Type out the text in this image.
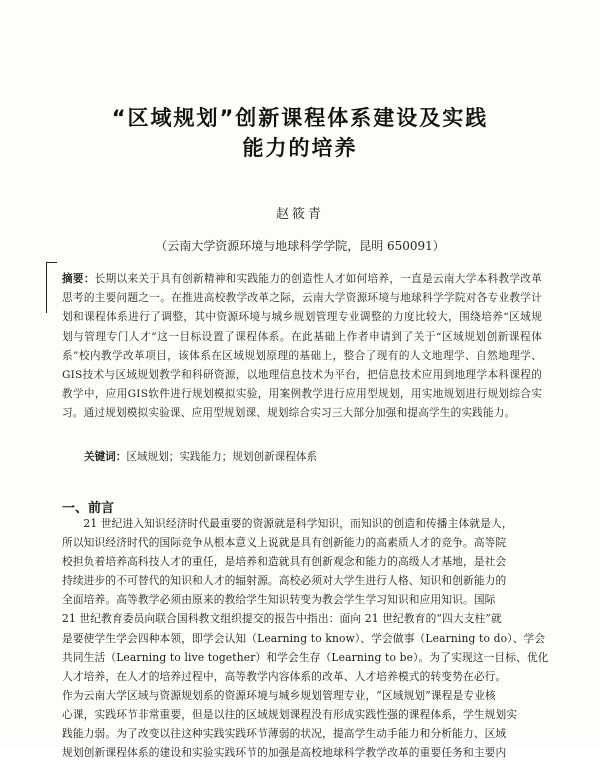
“区域规划”创新课程体系建设及实践
能力的培养
赵筱青
（云南大学资源环境与地球科学学院，昆明 650091）
摘要：长期以来关于具有创新精神和实践能力的创造性人才如何培养，一直是云南大学本科教学改革思考的主要问题之一。在推进高校教学改革之际，云南大学资源环境与地球科学学院对各专业教学计划和课程体系进行了调整，其中资源环境与城乡规划管理专业调整的力度比较大，围绕培养“区域规划与管理专门人才”这一目标设置了课程体系。在此基础上作者申请到了关于“区域规划创新课程体系”校内教学改革项目，该体系在区域规划原理的基础上，整合了现有的人文地理学、自然地理学、GIS技术与区域规划教学和科研资源，以地理信息技术为平台，把信息技术应用到地理学本科课程的教学中，应用GIS软件进行规划模拟实验，用案例教学进行应用型规划，用实地规划进行规划综合实习。通过规划模拟实验课、应用型规划课、规划综合实习三大部分加强和提高学生的实践能力。
关键词：区域规划；实践能力；规划创新课程体系
一、前言
21 世纪进入知识经济时代最重要的资源就是科学知识，而知识的创造和传播主体就是人，
所以知识经济时代的国际竞争从根本意义上说就是具有创新能力的高素质人才的竞争。高等院
校担负着培养高科技人才的重任，是培养和造就具有创新观念和能力的高级人才基地，是社会
持续进步的不可替代的知识和人才的辐射源。高校必须对大学生进行人格、知识和创新能力的
全面培养。高等教学必须由原来的教给学生知识转变为教会学生学习知识和应用知识。国际
21 世纪教育委员向联合国科教文组织提交的报告中指出：面向 21 世纪教育的“四大支柱”就
是要使学生学会四种本领，即学会认知（Learning to know）、学会做事（Learning to do）、学会
共同生活（Learning to live together）和学会生存（Learning to be）。为了实现这一目标、优化
人才培养，在人才的培养过程中，高等教学内容体系的改革、人才培养模式的转变势在必行。
作为云南大学区域与资源规划系的资源环境与城乡规划管理专业，“区域规划”课程是专业核
心课，实践环节非常重要，但是以往的区域规划课程没有形成实践性强的课程体系，学生规划实
践能力弱。为了改变以往这种实践实践环节薄弱的状况，提高学生动手能力和分析能力、区域
规划创新课程体系的建设和实验实践环节的加强是高校地球科学教学改革的重要任务和主要内
